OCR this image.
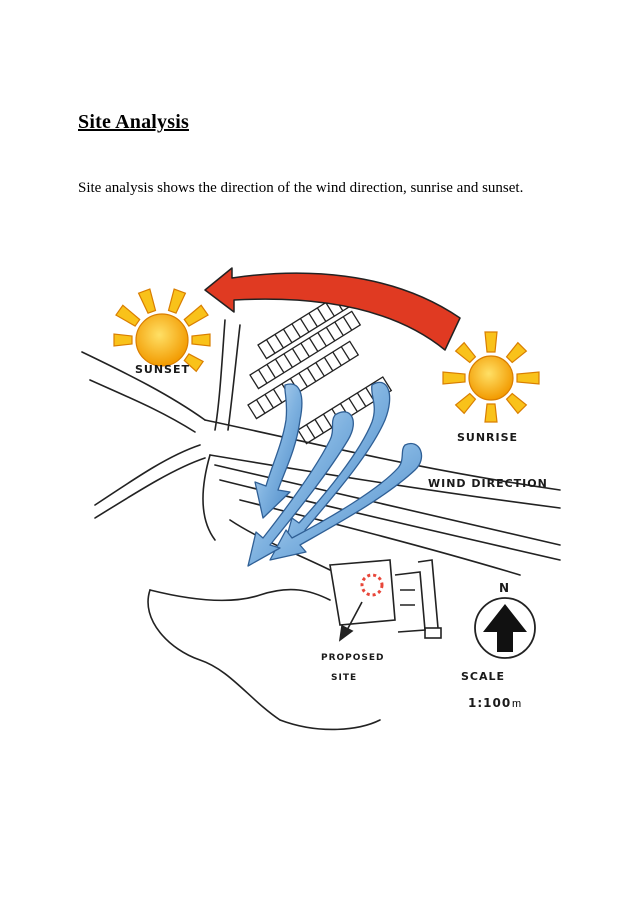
Site Analysis
Site analysis shows the direction of the wind direction, sunrise and sunset.
SUNSET
SUNRISE
WIND DIRECTION
PROPOSED
SITE
N
SCALE
1:100 m
